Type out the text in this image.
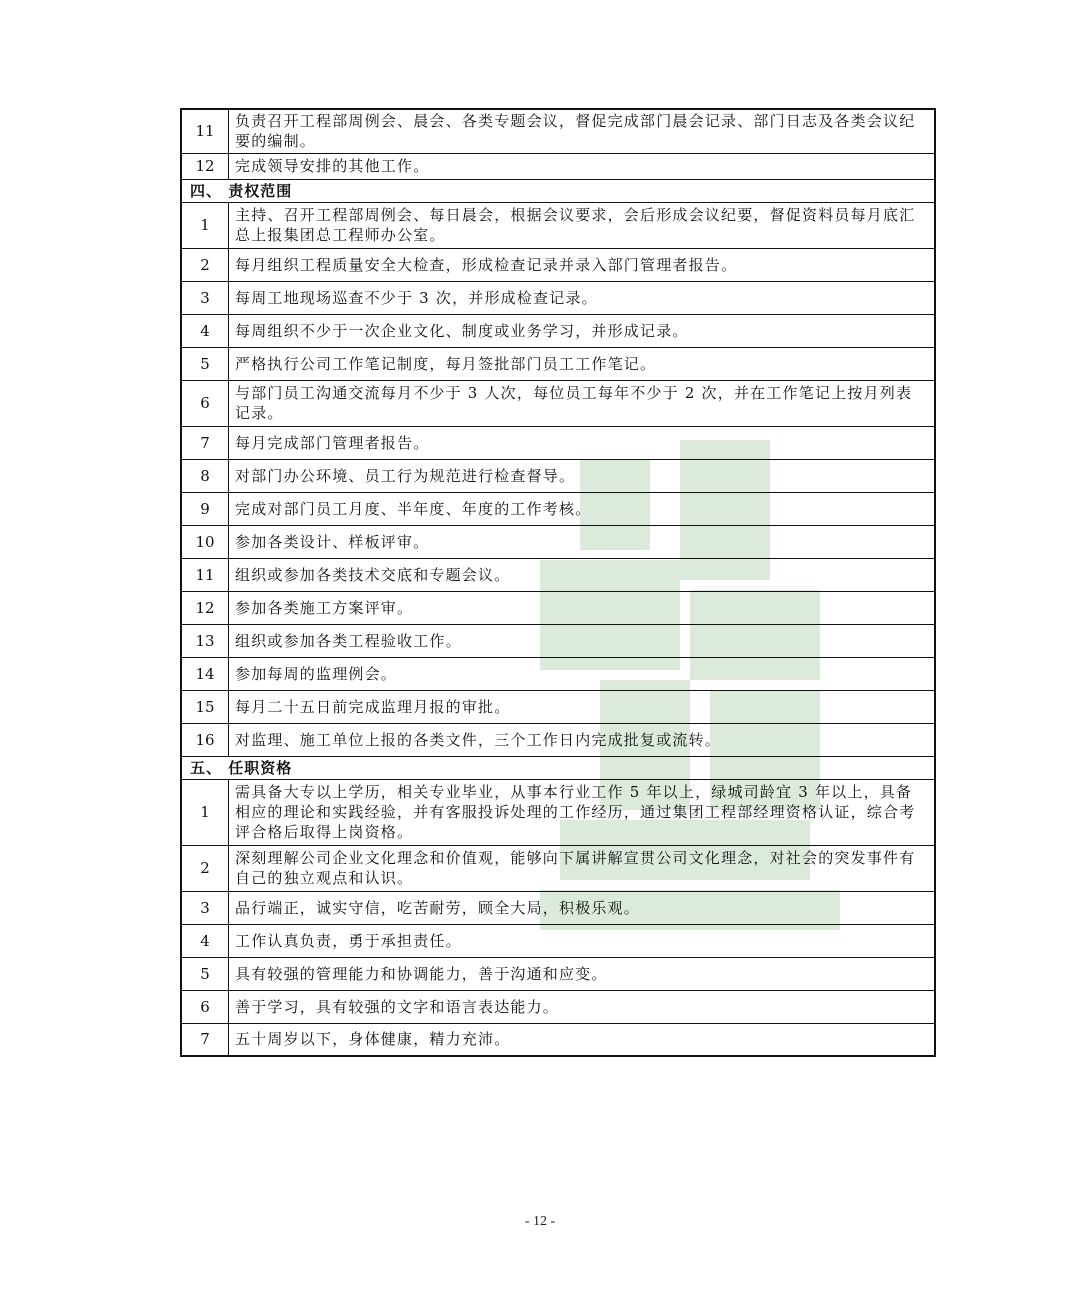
11	负责召开工程部周例会、晨会、各类专题会议，督促完成部门晨会记录、部门日志及各类会议纪要的编制。
12	完成领导安排的其他工作。
四、 责权范围	
1	主持、召开工程部周例会、每日晨会，根据会议要求，会后形成会议纪要，督促资料员每月底汇总上报集团总工程师办公室。
2	每月组织工程质量安全大检查，形成检查记录并录入部门管理者报告。
3	每周工地现场巡查不少于 3 次，并形成检查记录。
4	每周组织不少于一次企业文化、制度或业务学习，并形成记录。
5	严格执行公司工作笔记制度，每月签批部门员工工作笔记。
6	与部门员工沟通交流每月不少于 3 人次，每位员工每年不少于 2 次，并在工作笔记上按月列表记录。
7	每月完成部门管理者报告。
8	对部门办公环境、员工行为规范进行检查督导。
9	完成对部门员工月度、半年度、年度的工作考核。
10	参加各类设计、样板评审。
11	组织或参加各类技术交底和专题会议。
12	参加各类施工方案评审。
13	组织或参加各类工程验收工作。
14	参加每周的监理例会。
15	每月二十五日前完成监理月报的审批。
16	对监理、施工单位上报的各类文件，三个工作日内完成批复或流转。
五、 任职资格	
1	需具备大专以上学历，相关专业毕业，从事本行业工作 5 年以上，绿城司龄宜 3 年以上，具备相应的理论和实践经验，并有客服投诉处理的工作经历，通过集团工程部经理资格认证，综合考评合格后取得上岗资格。
2	深刻理解公司企业文化理念和价值观，能够向下属讲解宣贯公司文化理念，对社会的突发事件有自己的独立观点和认识。
3	品行端正，诚实守信，吃苦耐劳，顾全大局，积极乐观。
4	工作认真负责，勇于承担责任。
5	具有较强的管理能力和协调能力，善于沟通和应变。
6	善于学习，具有较强的文字和语言表达能力。
7	五十周岁以下，身体健康，精力充沛。
- 12 -
